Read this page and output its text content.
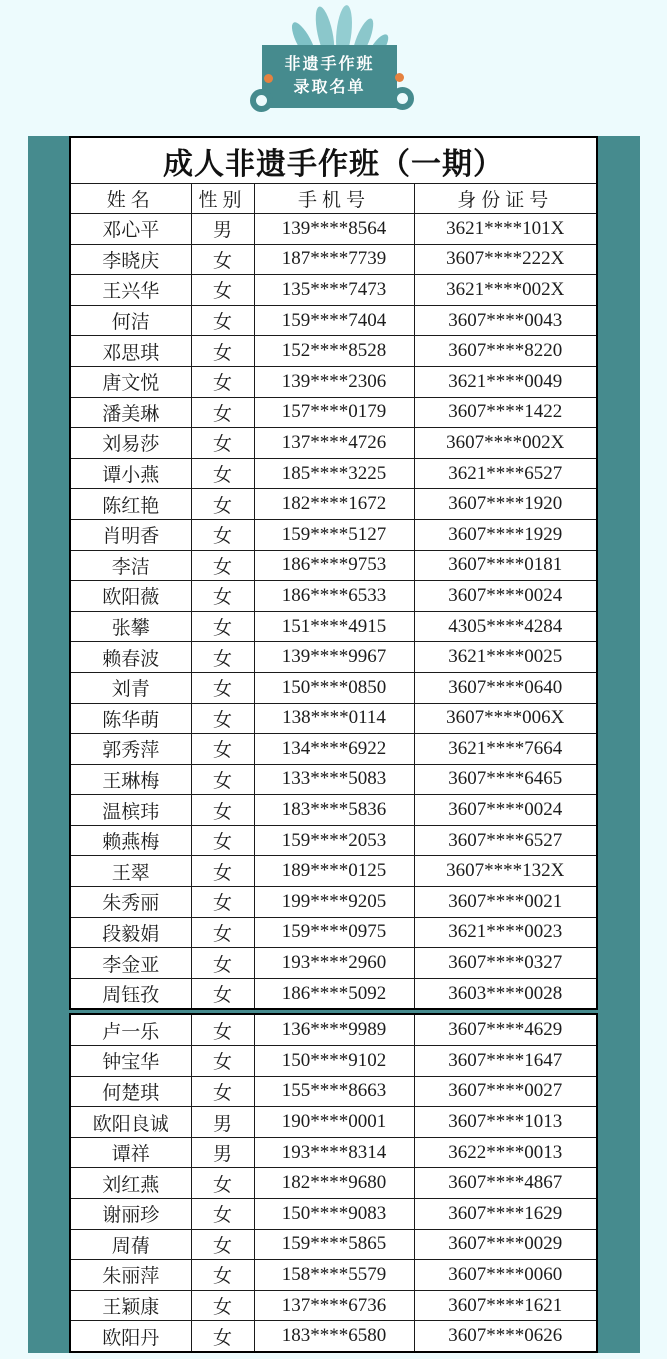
非遗手作班
录取名单
成人非遗手作班（一期）			
姓名	性别	手机号	身份证号
邓心平	男	139****8564	3621****101X
李晓庆	女	187****7739	3607****222X
王兴华	女	135****7473	3621****002X
何洁	女	159****7404	3607****0043
邓思琪	女	152****8528	3607****8220
唐文悦	女	139****2306	3621****0049
潘美琳	女	157****0179	3607****1422
刘易莎	女	137****4726	3607****002X
谭小燕	女	185****3225	3621****6527
陈红艳	女	182****1672	3607****1920
肖明香	女	159****5127	3607****1929
李洁	女	186****9753	3607****0181
欧阳薇	女	186****6533	3607****0024
张攀	女	151****4915	4305****4284
赖春波	女	139****9967	3621****0025
刘青	女	150****0850	3607****0640
陈华萌	女	138****0114	3607****006X
郭秀萍	女	134****6922	3621****7664
王琳梅	女	133****5083	3607****6465
温槟玮	女	183****5836	3607****0024
赖燕梅	女	159****2053	3607****6527
王翠	女	189****0125	3607****132X
朱秀丽	女	199****9205	3607****0021
段毅娟	女	159****0975	3621****0023
李金亚	女	193****2960	3607****0327
周钰孜	女	186****5092	3603****0028
卢一乐	女	136****9989	3607****4629
钟宝华	女	150****9102	3607****1647
何楚琪	女	155****8663	3607****0027
欧阳良诚	男	190****0001	3607****1013
谭祥	男	193****8314	3622****0013
刘红燕	女	182****9680	3607****4867
谢丽珍	女	150****9083	3607****1629
周蒨	女	159****5865	3607****0029
朱丽萍	女	158****5579	3607****0060
王颖康	女	137****6736	3607****1621
欧阳丹	女	183****6580	3607****0626
